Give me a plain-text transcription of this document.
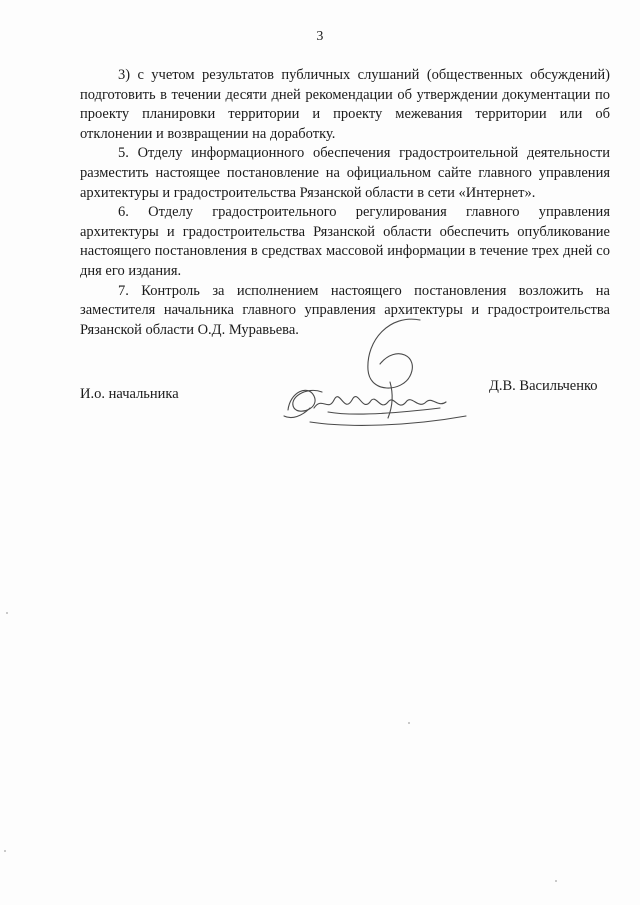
3

3) с учетом результатов публичных слушаний (общественных обсуждений) подготовить в течении десяти дней рекомендации об утверждении документации по проекту планировки территории и проекту межевания территории или об отклонении и возвращении на доработку.

5. Отделу информационного обеспечения градостроительной деятельности разместить настоящее постановление на официальном сайте главного управления архитектуры и градостроительства Рязанской области в сети «Интернет».

6. Отделу градостроительного регулирования главного управления архитектуры и градостроительства Рязанской области обеспечить опубликование настоящего постановления в средствах массовой информации в течение трех дней со дня его издания.

7. Контроль за исполнением настоящего постановления возложить на заместителя начальника главного управления архитектуры и градостроительства Рязанской области О.Д. Муравьева.

И.о. начальника	Д.В. Васильченко
